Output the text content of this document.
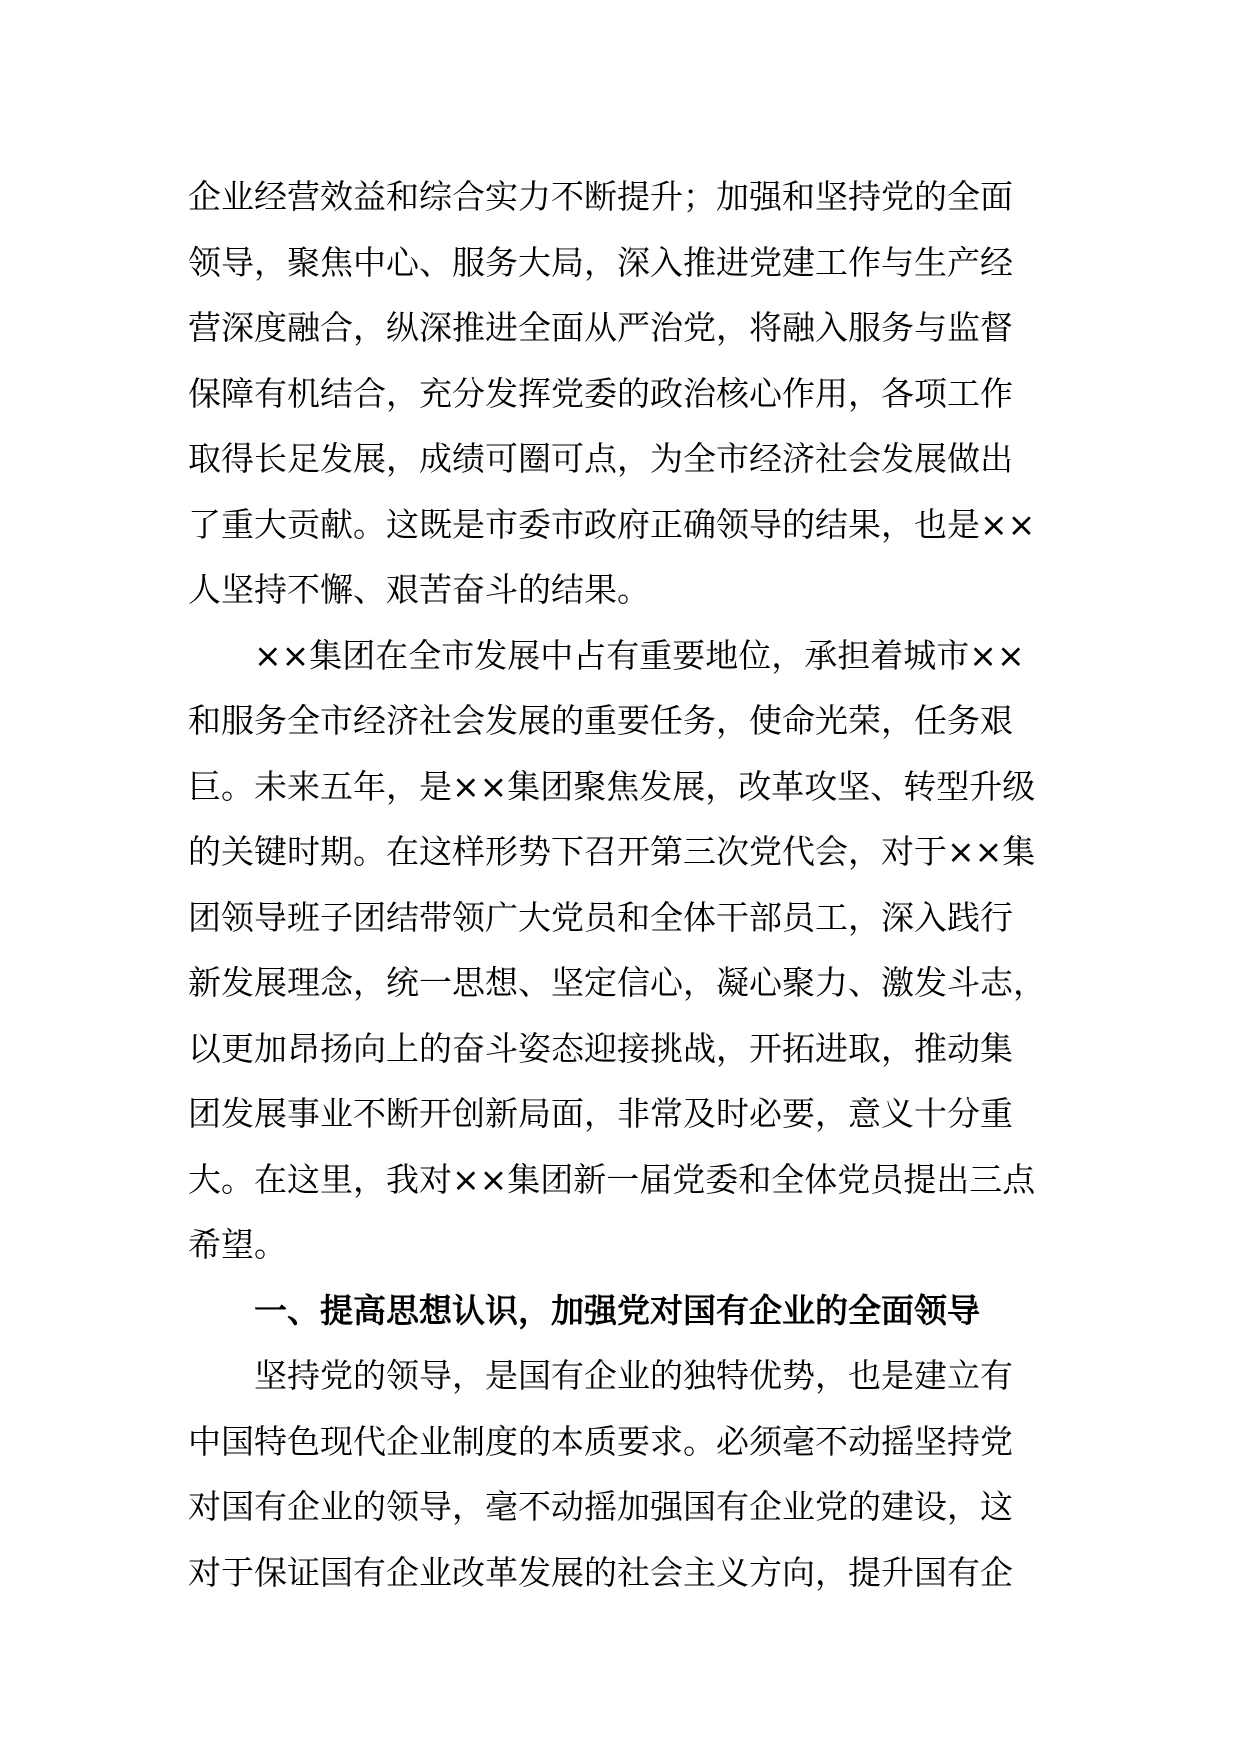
企业经营效益和综合实力不断提升；加强和坚持党的全面
领导，聚焦中心、服务大局，深入推进党建工作与生产经
营深度融合，纵深推进全面从严治党，将融入服务与监督
保障有机结合，充分发挥党委的政治核心作用，各项工作
取得长足发展，成绩可圈可点，为全市经济社会发展做出
了重大贡献。这既是市委市政府正确领导的结果，也是××
人坚持不懈、艰苦奋斗的结果。
××集团在全市发展中占有重要地位，承担着城市××
和服务全市经济社会发展的重要任务，使命光荣，任务艰
巨。未来五年，是××集团聚焦发展，改革攻坚、转型升级
的关键时期。在这样形势下召开第三次党代会，对于××集
团领导班子团结带领广大党员和全体干部员工，深入践行
新发展理念，统一思想、坚定信心，凝心聚力、激发斗志，
以更加昂扬向上的奋斗姿态迎接挑战，开拓进取，推动集
团发展事业不断开创新局面，非常及时必要，意义十分重
大。在这里，我对××集团新一届党委和全体党员提出三点
希望。
一、提高思想认识，加强党对国有企业的全面领导
坚持党的领导，是国有企业的独特优势，也是建立有
中国特色现代企业制度的本质要求。必须毫不动摇坚持党
对国有企业的领导，毫不动摇加强国有企业党的建设，这
对于保证国有企业改革发展的社会主义方向，提升国有企
